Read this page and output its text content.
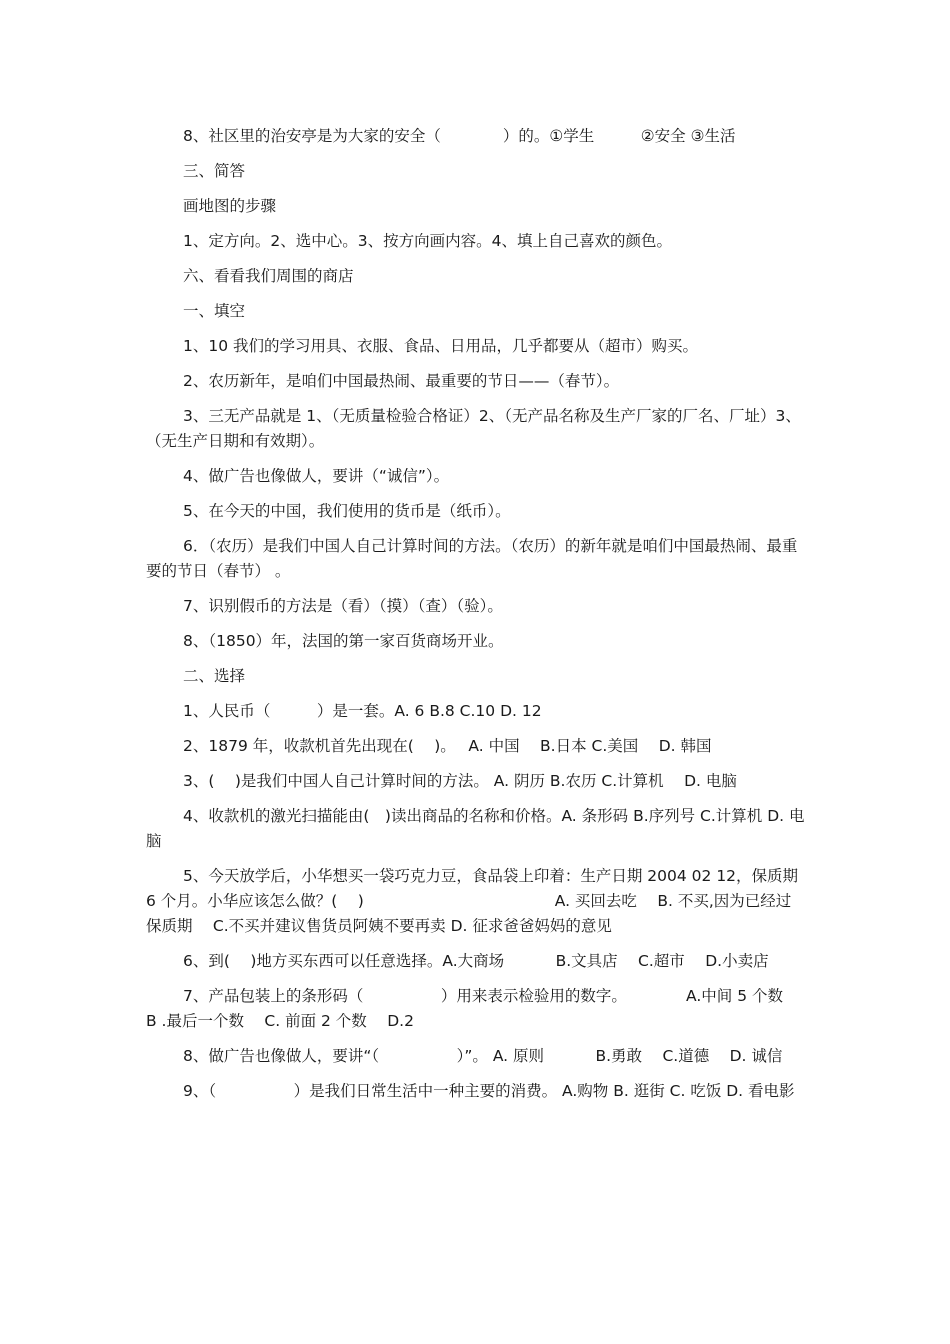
8、社区里的治安亭是为大家的安全（　　　　）的。①学生　　　②安全 ③生活

三、简答

画地图的步骤

1、定方向。2、选中心。3、按方向画内容。4、填上自己喜欢的颜色。

六、看看我们周围的商店

一、填空

1、10 我们的学习用具、衣服、食品、日用品，几乎都要从（超市）购买。

2、农历新年，是咱们中国最热闹、最重要的节日——（春节）。

3、三无产品就是 1、（无质量检验合格证）2、（无产品名称及生产厂家的厂名、厂址）3、（无生产日期和有效期）。

4、做广告也像做人，要讲（“诚信”）。

5、在今天的中国，我们使用的货币是（纸币）。

6．（农历）是我们中国人自己计算时间的方法。（农历）的新年就是咱们中国最热闹、最重要的节日（春节） 。

7、识别假币的方法是（看）（摸）（查）（验）。

8、（1850）年，法国的第一家百货商场开业。

二、选择

1、人民币（　　　）是一套。A. 6 B.8 C.10 D. 12

2、1879 年，收款机首先出现在(　 )。　 A. 中国　 B.日本 C.美国　 D. 韩国

3、(　 )是我们中国人自己计算时间的方法。 A. 阴历 B.农历 C.计算机　 D. 电脑

4、收款机的激光扫描能由(　)读出商品的名称和价格。A. 条形码 B.序列号 C.计算机 D. 电脑

5、今天放学后，小华想买一袋巧克力豆，食品袋上印着：生产日期 2004 02 12，保质期 6 个月。小华应该怎么做？(　 )　　　　　　　　　　　　 A. 买回去吃　 B. 不买,因为已经过保质期　 C.不买并建议售货员阿姨不要再卖 D. 征求爸爸妈妈的意见

6、到(　 )地方买东西可以任意选择。A.大商场　　　 B.文具店　 C.超市　 D.小卖店

7、产品包装上的条形码（　　　　　）用来表示检验用的数字。　　　　 A.中间 5 个数　　　 B .最后一个数　 C. 前面 2 个数　 D.2

8、做广告也像做人，要讲“（　　　　　）”。 A. 原则　　　 B.勇敢　 C.道德　 D. 诚信

9、（　　　　　）是我们日常生活中一种主要的消费。 A.购物 B. 逛街 C. 吃饭 D. 看电影
